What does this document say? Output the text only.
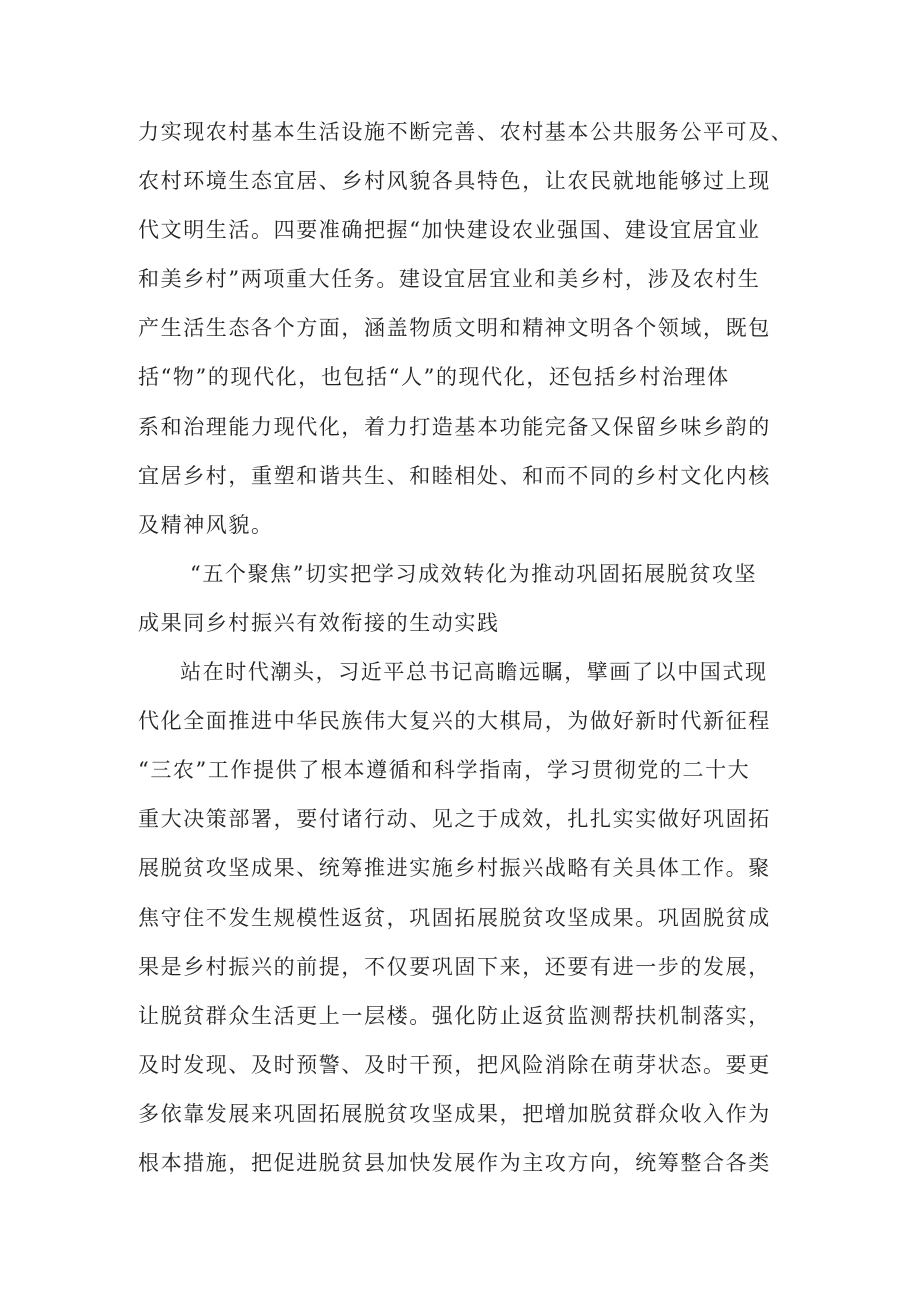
力实现农村基本生活设施不断完善、农村基本公共服务公平可及、
农村环境生态宜居、乡村风貌各具特色，让农民就地能够过上现
代文明生活。四要准确把握“加快建设农业强国、建设宜居宜业
和美乡村”两项重大任务。建设宜居宜业和美乡村，涉及农村生
产生活生态各个方面，涵盖物质文明和精神文明各个领域，既包
括“物”的现代化，也包括“人”的现代化，还包括乡村治理体
系和治理能力现代化，着力打造基本功能完备又保留乡味乡韵的
宜居乡村，重塑和谐共生、和睦相处、和而不同的乡村文化内核
及精神风貌。
“五个聚焦”切实把学习成效转化为推动巩固拓展脱贫攻坚
成果同乡村振兴有效衔接的生动实践
站在时代潮头，习近平总书记高瞻远瞩，擘画了以中国式现
代化全面推进中华民族伟大复兴的大棋局，为做好新时代新征程
“三农”工作提供了根本遵循和科学指南，学习贯彻党的二十大
重大决策部署，要付诸行动、见之于成效，扎扎实实做好巩固拓
展脱贫攻坚成果、统筹推进实施乡村振兴战略有关具体工作。聚
焦守住不发生规模性返贫，巩固拓展脱贫攻坚成果。巩固脱贫成
果是乡村振兴的前提，不仅要巩固下来，还要有进一步的发展，
让脱贫群众生活更上一层楼。强化防止返贫监测帮扶机制落实，
及时发现、及时预警、及时干预，把风险消除在萌芽状态。要更
多依靠发展来巩固拓展脱贫攻坚成果，把增加脱贫群众收入作为
根本措施，把促进脱贫县加快发展作为主攻方向，统筹整合各类
